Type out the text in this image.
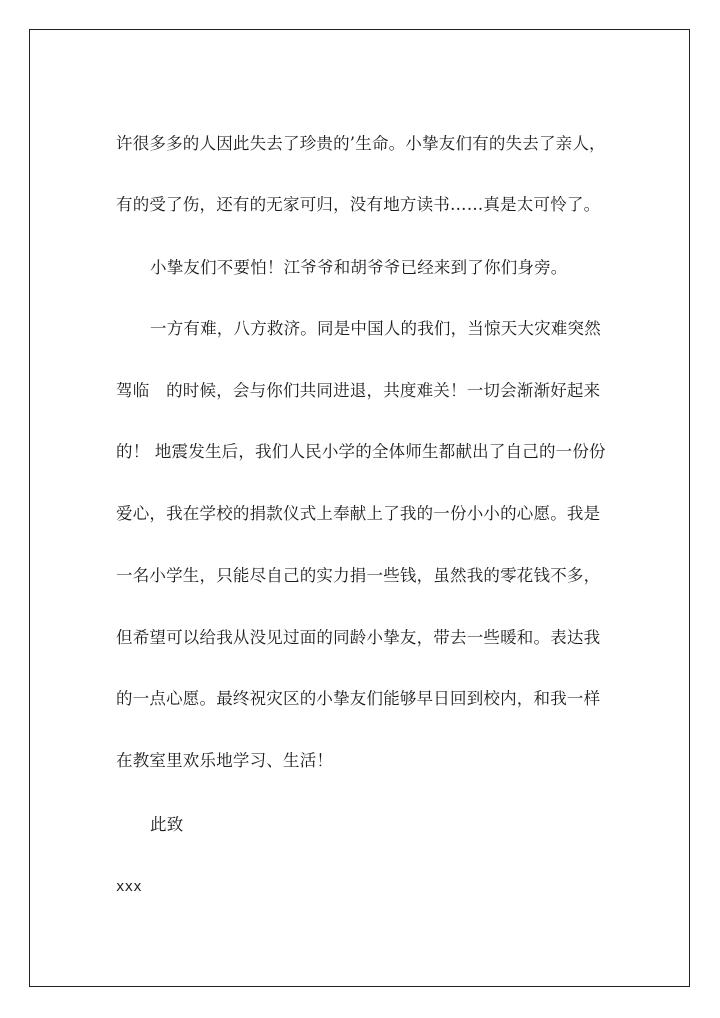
许很多多的人因此失去了珍贵的’生命。小挚友们有的失去了亲人，
有的受了伤，还有的无家可归，没有地方读书……真是太可怜了。
小挚友们不要怕！江爷爷和胡爷爷已经来到了你们身旁。
一方有难，八方救济。同是中国人的我们，当惊天大灾难突然
驾临　的时候，会与你们共同进退，共度难关！一切会渐渐好起来
的！ 地震发生后，我们人民小学的全体师生都献出了自己的一份份
爱心，我在学校的捐款仪式上奉献上了我的一份小小的心愿。我是
一名小学生，只能尽自己的实力捐一些钱，虽然我的零花钱不多，
但希望可以给我从没见过面的同龄小挚友，带去一些暖和。表达我
的一点心愿。最终祝灾区的小挚友们能够早日回到校内，和我一样
在教室里欢乐地学习、生活！
此致
xxx
